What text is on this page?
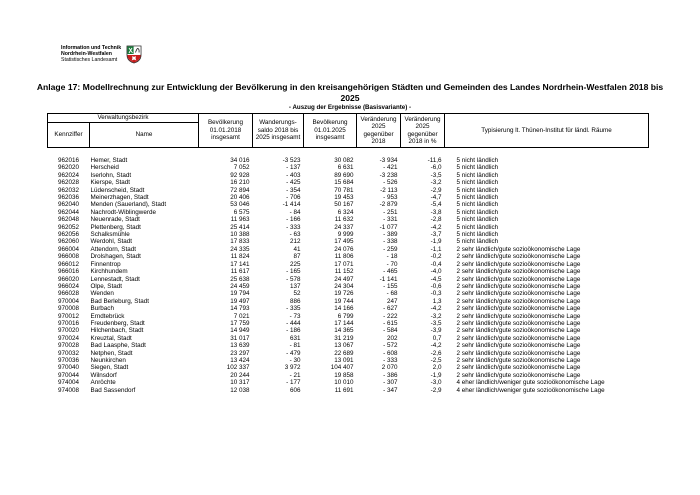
Information und Technik
Nordrhein-Westfalen
Statistisches Landesamt
Anlage 17: Modellrechnung zur Entwicklung der Bevölkerung in den kreisangehörigen Städten und Gemeinden des Landes Nordrhein-Westfalen 2018 bis 2025
- Auszug der Ergebnisse (Basisvariante) -
Verwaltungsbezirk		Bevölkerung 01.01.2018 insgesamt	Wanderungs-saldo 2018 bis 2025 insgesamt	Bevölkerung 01.01.2025 insgesamt	Veränderung 2025 gegenüber 2018	Veränderung 2025 gegenüber 2018 in %	Typisierung lt. Thünen-Institut für ländl. Räume
Kennziffer	Name						

962016	Hemer, Stadt	34 016	-3 523	30 082	-3 934	-11,6	5 nicht ländlich
962020	Herscheid	7 052	- 137	6 631	- 421	-6,0	5 nicht ländlich
962024	Iserlohn, Stadt	92 928	- 403	89 690	-3 238	-3,5	5 nicht ländlich
962028	Kierspe, Stadt	16 210	- 425	15 684	- 526	-3,2	5 nicht ländlich
962032	Lüdenscheid, Stadt	72 894	- 354	70 781	-2 113	-2,9	5 nicht ländlich
962036	Meinerzhagen, Stadt	20 406	- 706	19 453	- 953	-4,7	5 nicht ländlich
962040	Menden (Sauerland), Stadt	53 046	-1 414	50 167	-2 879	-5,4	5 nicht ländlich
962044	Nachrodt-Wiblingwerde	6 575	- 84	6 324	- 251	-3,8	5 nicht ländlich
962048	Neuenrade, Stadt	11 963	- 166	11 632	- 331	-2,8	5 nicht ländlich
962052	Plettenberg, Stadt	25 414	- 333	24 337	-1 077	-4,2	5 nicht ländlich
962056	Schalksmühle	10 388	- 63	9 999	- 389	-3,7	5 nicht ländlich
962060	Werdohl, Stadt	17 833	212	17 495	- 338	-1,9	5 nicht ländlich
966004	Attendorn, Stadt	24 335	41	24 076	- 259	-1,1	2 sehr ländlich/gute sozioökonomische Lage
966008	Drolshagen, Stadt	11 824	87	11 806	- 18	-0,2	2 sehr ländlich/gute sozioökonomische Lage
966012	Finnentrop	17 141	225	17 071	- 70	-0,4	2 sehr ländlich/gute sozioökonomische Lage
966016	Kirchhundem	11 617	- 165	11 152	- 465	-4,0	2 sehr ländlich/gute sozioökonomische Lage
966020	Lennestadt, Stadt	25 638	- 578	24 497	-1 141	-4,5	2 sehr ländlich/gute sozioökonomische Lage
966024	Olpe, Stadt	24 459	137	24 304	- 155	-0,6	2 sehr ländlich/gute sozioökonomische Lage
966028	Wenden	19 794	52	19 726	- 68	-0,3	2 sehr ländlich/gute sozioökonomische Lage
970004	Bad Berleburg, Stadt	19 497	886	19 744	247	1,3	2 sehr ländlich/gute sozioökonomische Lage
970008	Burbach	14 793	- 335	14 166	- 627	-4,2	2 sehr ländlich/gute sozioökonomische Lage
970012	Erndtebrück	7 021	- 73	6 799	- 222	-3,2	2 sehr ländlich/gute sozioökonomische Lage
970016	Freudenberg, Stadt	17 759	- 444	17 144	- 615	-3,5	2 sehr ländlich/gute sozioökonomische Lage
970020	Hilchenbach, Stadt	14 949	- 186	14 365	- 584	-3,9	2 sehr ländlich/gute sozioökonomische Lage
970024	Kreuztal, Stadt	31 017	631	31 219	202	0,7	2 sehr ländlich/gute sozioökonomische Lage
970028	Bad Laasphe, Stadt	13 639	- 81	13 067	- 572	-4,2	2 sehr ländlich/gute sozioökonomische Lage
970032	Netphen, Stadt	23 297	- 479	22 689	- 608	-2,6	2 sehr ländlich/gute sozioökonomische Lage
970036	Neunkirchen	13 424	- 30	13 091	- 333	-2,5	2 sehr ländlich/gute sozioökonomische Lage
970040	Siegen, Stadt	102 337	3 972	104 407	2 070	2,0	2 sehr ländlich/gute sozioökonomische Lage
970044	Wilnsdorf	20 244	- 21	19 858	- 386	-1,9	2 sehr ländlich/gute sozioökonomische Lage
974004	Anröchte	10 317	- 177	10 010	- 307	-3,0	4 eher ländlich/weniger gute sozioökonomische Lage
974008	Bad Sassendorf	12 038	606	11 691	- 347	-2,9	4 eher ländlich/weniger gute sozioökonomische Lage
